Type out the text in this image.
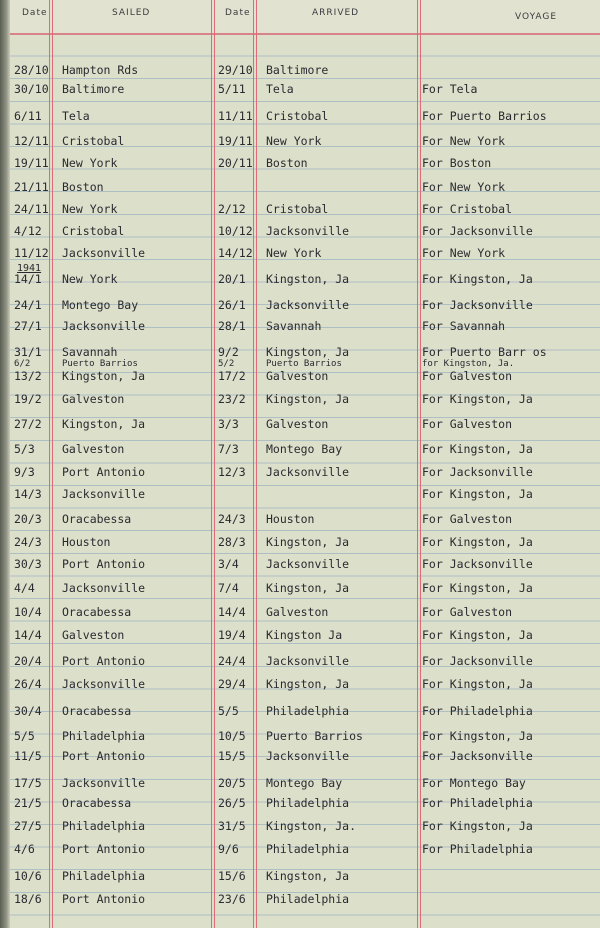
Date	SAILED	Date	ARRIVED	VOYAGE
1941
28/10 Hampton Rds	29/10 Baltimore
30/10 Baltimore	5/11 Tela	For Tela
6/11 Tela	11/11 Cristobal	For Puerto Barrios
12/11 Cristobal	19/11 New York	For New York
19/11 New York	20/11 Boston	For Boston
21/11 Boston	For New York
24/11 New York	2/12 Cristobal	For Cristobal
4/12 Cristobal	10/12 Jacksonville	For Jacksonville
11/12 Jacksonville	14/12 New York	For New York
14/1 New York	20/1 Kingston, Ja	For Kingston, Ja
24/1 Montego Bay	26/1 Jacksonville	For Jacksonville
27/1 Jacksonville	28/1 Savannah	For Savannah
31/1 Savannah	9/2 Kingston, Ja	For Puerto Barr os
6/2	Puerto Barrios	5/2	Puerto Barrios	for Kingston, Ja.
13/2 Kingston, Ja	17/2 Galveston	For Galveston
19/2 Galveston	23/2 Kingston, Ja	For Kingston, Ja
27/2 Kingston, Ja	3/3 Galveston	For Galveston
5/3 Galveston	7/3 Montego Bay	For Kingston, Ja
9/3 Port Antonio	12/3 Jacksonville	For Jacksonville
14/3 Jacksonville	For Kingston, Ja
20/3 Oracabessa	24/3 Houston	For Galveston
24/3 Houston	28/3 Kingston, Ja	For Kingston, Ja
30/3 Port Antonio	3/4 Jacksonville	For Jacksonville
4/4 Jacksonville	7/4 Kingston, Ja	For Kingston, Ja
10/4 Oracabessa	14/4 Galveston	For Galveston
14/4 Galveston	19/4 Kingston Ja	For Kingston, Ja
20/4 Port Antonio	24/4 Jacksonville	For Jacksonville
26/4 Jacksonville	29/4 Kingston, Ja	For Kingston, Ja
30/4 Oracabessa	5/5 Philadelphia	For Philadelphia
5/5 Philadelphia	10/5 Puerto Barrios	For Kingston, Ja
11/5 Port Antonio	15/5 Jacksonville	For Jacksonville
17/5 Jacksonville	20/5 Montego Bay	For Montego Bay
21/5 Oracabessa	26/5 Philadelphia	For Philadelphia
27/5 Philadelphia	31/5 Kingston, Ja.	For Kingston, Ja
4/6 Port Antonio	9/6 Philadelphia	For Philadelphia
10/6 Philadelphia	15/6 Kingston, Ja
18/6 Port Antonio	23/6 Philadelphia
